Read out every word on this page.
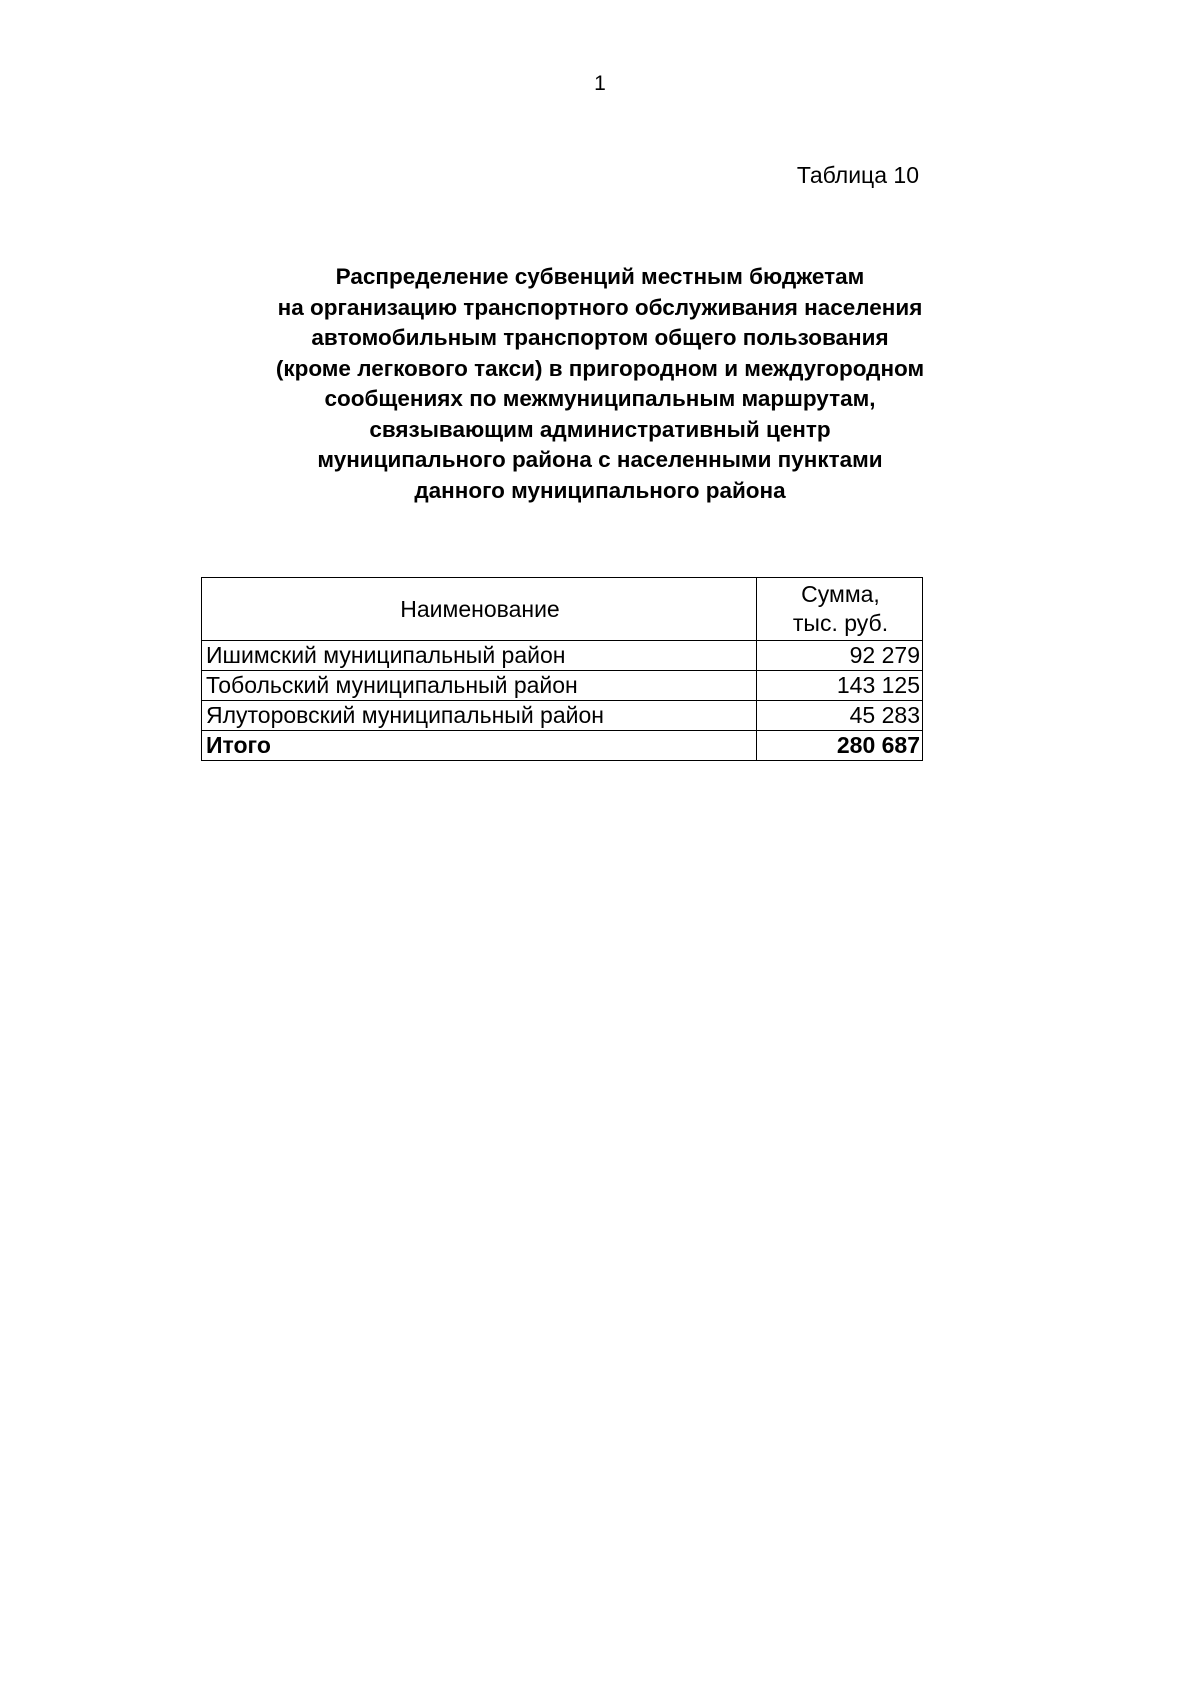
1
Таблица 10
Распределение субвенций местным бюджетам
на организацию транспортного обслуживания населения
автомобильным транспортом общего пользования
(кроме легкового такси) в пригородном и междугородном
сообщениях по межмуниципальным маршрутам,
связывающим административный центр
муниципального района с населенными пунктами
данного муниципального района
Наименование	Сумма,
тыс. руб.
Ишимский муниципальный район	92 279
Тобольский муниципальный район	143 125
Ялуторовский муниципальный район	45 283
Итого	280 687
